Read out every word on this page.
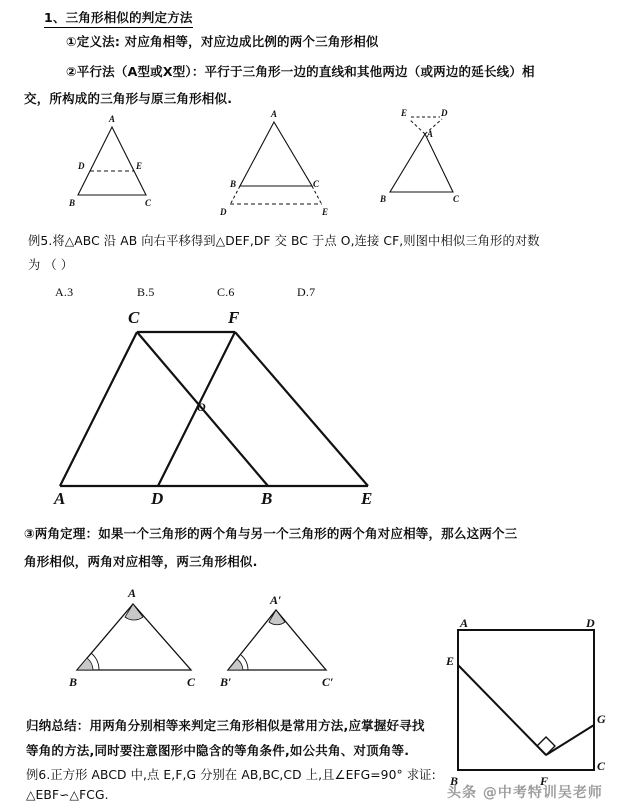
1、三角形相似的判定方法
①定义法: 对应角相等，对应边成比例的两个三角形相似
②平行法（A型或X型）：平行于三角形一边的直线和其他两边（或两边的延长线）相
交，所构成的三角形与原三角形相似.
A
D	E
B	C
A
B	C
D	E
E	D
A
B	C
例5.将△ABC 沿 AB 向右平移得到△DEF,DF 交 BC 于点 O,连接 CF,则图中相似三角形的对数
为 （ ）
A.3	B.5	C.6	D.7
C	F
O
A	D	B	E
③两角定理：如果一个三角形的两个角与另一个三角形的两个角对应相等，那么这两个三
角形相似，两角对应相等，两三角形相似.
A
B	C
A′
B′	C′
A	D
E
G
C
B	F
归纳总结：用两角分别相等来判定三角形相似是常用方法,应掌握好寻找
等角的方法,同时要注意图形中隐含的等角条件,如公共角、对顶角等.
例6.正方形 ABCD 中,点 E,F,G 分别在 AB,BC,CD 上,且∠EFG=90° 求证:
△EBF∽△FCG.	头条 @中考特训吴老师
